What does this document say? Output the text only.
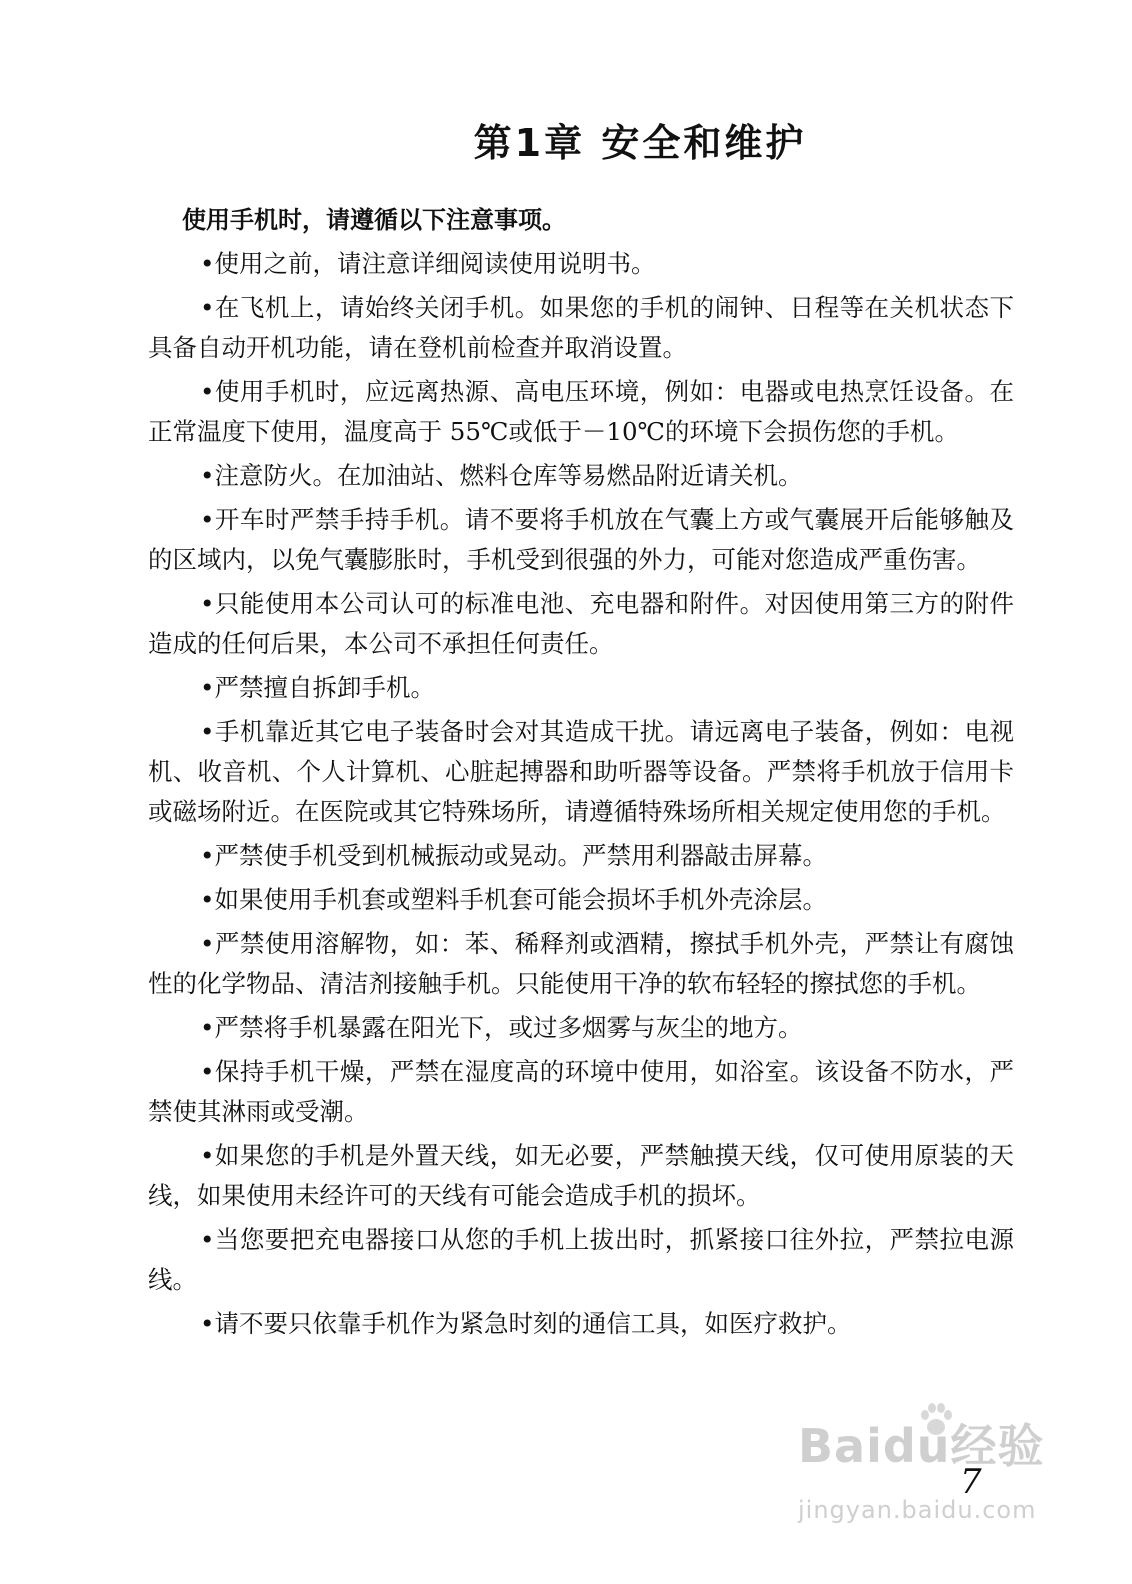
第1章 安全和维护

使用手机时，请遵循以下注意事项。

•使用之前，请注意详细阅读使用说明书。

•在飞机上，请始终关闭手机。如果您的手机的闹钟、日程等在关机状态下具备自动开机功能，请在登机前检查并取消设置。

•使用手机时，应远离热源、高电压环境，例如：电器或电热烹饪设备。在正常温度下使用，温度高于 55℃或低于－10℃的环境下会损伤您的手机。

•注意防火。在加油站、燃料仓库等易燃品附近请关机。

•开车时严禁手持手机。请不要将手机放在气囊上方或气囊展开后能够触及的区域内，以免气囊膨胀时，手机受到很强的外力，可能对您造成严重伤害。

•只能使用本公司认可的标准电池、充电器和附件。对因使用第三方的附件造成的任何后果，本公司不承担任何责任。

•严禁擅自拆卸手机。

•手机靠近其它电子装备时会对其造成干扰。请远离电子装备，例如：电视机、收音机、个人计算机、心脏起搏器和助听器等设备。严禁将手机放于信用卡或磁场附近。在医院或其它特殊场所，请遵循特殊场所相关规定使用您的手机。

•严禁使手机受到机械振动或晃动。严禁用利器敲击屏幕。

•如果使用手机套或塑料手机套可能会损坏手机外壳涂层。

•严禁使用溶解物，如：苯、稀释剂或酒精，擦拭手机外壳，严禁让有腐蚀性的化学物品、清洁剂接触手机。只能使用干净的软布轻轻的擦拭您的手机。

•严禁将手机暴露在阳光下，或过多烟雾与灰尘的地方。

•保持手机干燥，严禁在湿度高的环境中使用，如浴室。该设备不防水，严禁使其淋雨或受潮。

•如果您的手机是外置天线，如无必要，严禁触摸天线，仅可使用原装的天线，如果使用未经许可的天线有可能会造成手机的损坏。

•当您要把充电器接口从您的手机上拔出时，抓紧接口往外拉，严禁拉电源线。

•请不要只依靠手机作为紧急时刻的通信工具，如医疗救护。

Baidu经验
jingyan.baidu.com
7
